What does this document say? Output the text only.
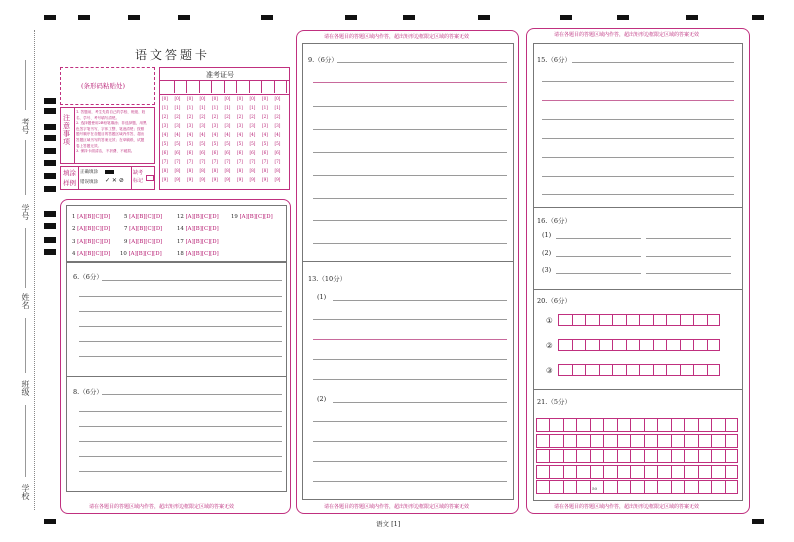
考号
学号
姓名
班级
学校
语文答题卡
(条形码粘贴处)
准考证号
[0] [0] [0] [0] [0] [0] [0] [0] [0] [0]
[1] [1] [1] [1] [1] [1] [1] [1] [1] [1]
[2] [2] [2] [2] [2] [2] [2] [2] [2] [2]
[3] [3] [3] [3] [3] [3] [3] [3] [3] [3]
[4] [4] [4] [4] [4] [4] [4] [4] [4] [4]
[5] [5] [5] [5] [5] [5] [5] [5] [5] [5]
[6] [6] [6] [6] [6] [6] [6] [6] [6] [6]
[7] [7] [7] [7] [7] [7] [7] [7] [7] [7]
[8] [8] [8] [8] [8] [8] [8] [8] [8] [8]
[9] [9] [9] [9] [9] [9] [9] [9] [9] [9]
注意事项
1. 答题前，考生先将自己的学校、班级、姓
名、学号、考号填写清楚。
2. 选择题使用2B铅笔填涂；非选择题，用黑
色签字笔书写，字体工整、笔迹清楚；按照
题号顺序在各题目的答题区域内作答，超出
答题区域书写的答案无效；在草稿纸、试题
卷上答题无效。
3. 保持卡面清洁，不折叠、不破损。
填涂样例
正确填涂
错误填涂 ✓ ✕ ⊘
缺考标记
1 [A][B][C][D]	5 [A][B][C][D]	12 [A][B][C][D] 19 [A][B][C][D]
2 [A][B][C][D]	7 [A][B][C][D]	14 [A][B][C][D]
3 [A][B][C][D]	9 [A][B][C][D]	17 [A][B][C][D]
4 [A][B][C][D] 10 [A][B][C][D]	18 [A][B][C][D]
6.（6分）
8.（6分）
请在各题目的答题区域内作答，超出矩形边框限定区域的答案无效
请在各题目的答题区域内作答，超出矩形边框限定区域的答案无效
9.（6分）
13.（10分）
(1)
(2)
请在各题目的答题区域内作答，超出矩形边框限定区域的答案无效
请在各题目的答题区域内作答，超出矩形边框限定区域的答案无效
15.（6分）
16.（6分）
(1)
(2)
(3)
20.（6分）
①
②
③
21.（5分）
50
请在各题目的答题区域内作答，超出矩形边框限定区域的答案无效
语文 [1]
